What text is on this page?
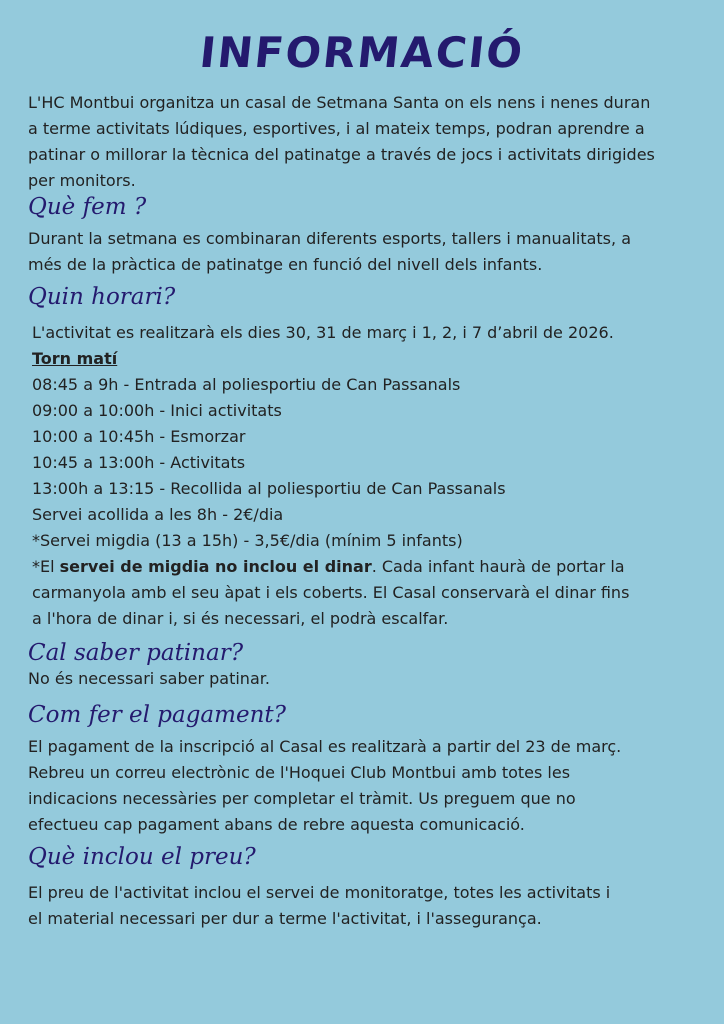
INFORMACIÓ

L'HC Montbui organitza un casal de Setmana Santa on els nens i nenes duran
a terme activitats lúdiques, esportives, i al mateix temps, podran aprendre a
patinar o millorar la tècnica del patinatge a través de jocs i activitats dirigides
per monitors.

Què fem ?

Durant la setmana es combinaran diferents esports, tallers i manualitats, a
més de la pràctica de patinatge en funció del nivell dels infants.

Quin horari?

L'activitat es realitzarà els dies 30, 31 de març i 1, 2, i 7 d’abril de 2026.
Torn matí
08:45 a 9h - Entrada al poliesportiu de Can Passanals
09:00 a 10:00h - Inici activitats
10:00 a 10:45h - Esmorzar
10:45 a 13:00h - Activitats
13:00h a 13:15 - Recollida al poliesportiu de Can Passanals
Servei acollida a les 8h - 2€/dia
*Servei migdia (13 a 15h) - 3,5€/dia (mínim 5 infants)
*El servei de migdia no inclou el dinar. Cada infant haurà de portar la
carmanyola amb el seu àpat i els coberts. El Casal conservarà el dinar fins
a l'hora de dinar i, si és necessari, el podrà escalfar.

Cal saber patinar?

No és necessari saber patinar.

Com fer el pagament?

El pagament de la inscripció al Casal es realitzarà a partir del 23 de març.
Rebreu un correu electrònic de l'Hoquei Club Montbui amb totes les
indicacions necessàries per completar el tràmit. Us preguem que no
efectueu cap pagament abans de rebre aquesta comunicació.

Què inclou el preu?

El preu de l'activitat inclou el servei de monitoratge, totes les activitats i
el material necessari per dur a terme l'activitat, i l'assegurança.
